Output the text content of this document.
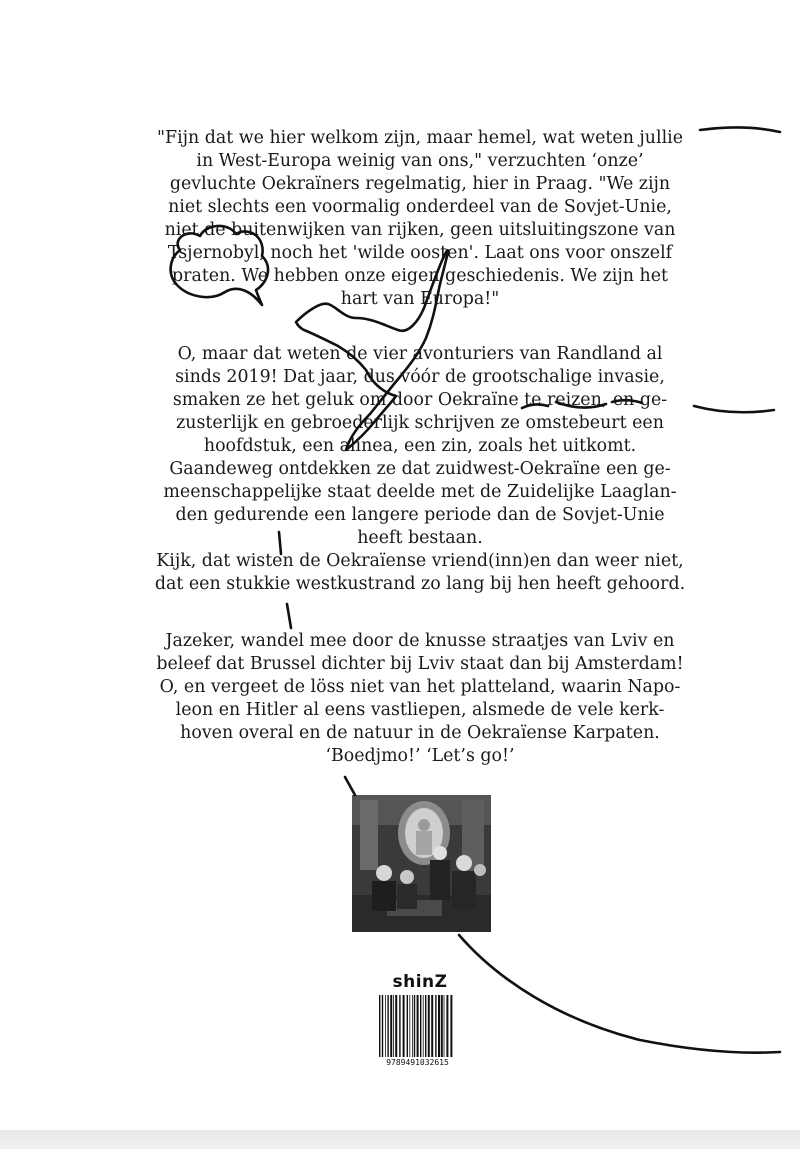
"Fijn dat we hier welkom zijn, maar hemel, wat weten jullie

in West-Europa weinig van ons," verzuchten ‘onze’

gevluchte Oekraïners regelmatig, hier in Praag. "We zijn

niet slechts een voormalig onderdeel van de Sovjet-Unie,

niet de buitenwijken van rijken, geen uitsluitingszone van

Tsjernobyl, noch het 'wilde oosten'. Laat ons voor onszelf

praten. We hebben onze eigen geschiedenis. We zijn het

hart van Europa!"

O, maar dat weten de vier avonturiers van Randland al

sinds 2019! Dat jaar, dus vóór de grootschalige invasie,

smaken ze het geluk om door Oekraïne te reizen, en ge-

zusterlijk en gebroederlijk schrijven ze omstebeurt een

hoofdstuk, een alinea, een zin, zoals het uitkomt.

Gaandeweg ontdekken ze dat zuidwest-Oekraïne een ge-

meenschappelijke staat deelde met de Zuidelijke Laaglan-

den gedurende een langere periode dan de Sovjet-Unie

heeft bestaan.

Kijk, dat wisten de Oekraïense vriend(inn)en dan weer niet,

dat een stukkie westkustrand zo lang bij hen heeft gehoord.

Jazeker, wandel mee door de knusse straatjes van Lviv en

beleef dat Brussel dichter bij Lviv staat dan bij Amsterdam!

O, en vergeet de löss niet van het platteland, waarin Napo-

leon en Hitler al eens vastliepen, alsmede de vele kerk-

hoven overal en de natuur in de Oekraïense Karpaten.

‘Boedjmo!’ ‘Let’s go!’

shinZ
9789491032615
